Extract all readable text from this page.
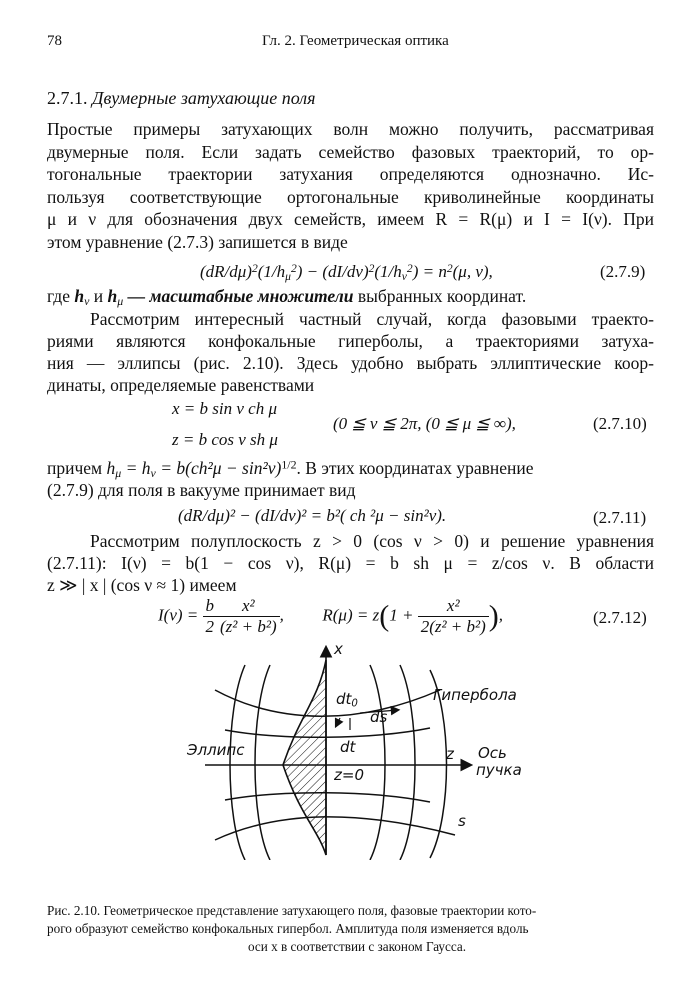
78	Гл. 2. Геометрическая оптика
2.7.1. Двумерные затухающие поля
Простые примеры затухающих волн можно получить, рассматривая
двумерные поля. Если задать семейство фазовых траекторий, то ор-
тогональные траектории затухания определяются однозначно. Ис-
пользуя соответствующие ортогональные криволинейные координаты
μ и ν для обозначения двух семейств, имеем R = R(μ) и I = I(ν). При
этом уравнение (2.7.3) запишется в виде
$(dR/d\mu)^2(1/h_\mu^2) - (dI/d\nu)^2(1/h_\nu^2) = n^2(\mu$, ν),	(2.7.9)
где $h_\nu$ и $h_\mu$ — масштабные множители выбранных координат.
Рассмотрим интересный частный случай, когда фазовыми траекто-
риями являются конфокальные гиперболы, а траекториями затуха-
ния — эллипсы (рис. 2.10). Здесь удобно выбрать эллиптические коор-
динаты, определяемые равенствами
x = b sin ν ch μ
z = b cos ν sh μ
(0 ≦ ν ≦ 2π, (0 ≦ μ ≦ ∞),	(2.7.10)
причем $h_\mu = h_\nu = b(ch^2\mu - \sin^2\nu)^{1/2}$. В этих координатах уравнение
(2.7.9) для поля в вакууме принимает вид
(dR/dμ)² − (dI/dν)² = b²( ch ²μ − sin²ν).	(2.7.11)
Рассмотрим полуплоскость z > 0 (cos ν > 0) и решение уравнения
(2.7.11): I(ν) = b(1 − cos ν), R(μ) = b sh μ = z/cos ν. В области
z ≫ | x | (cos ν ≈ 1) имеем
$I(\nu) = \frac{b}{2} \frac{\text{x²}}{\text{(z² + b²)}}$ , $R(\mu) = z(1 + \frac{\text{x²}}{\text{2(z² + b²)}}$ ),	(2.7.12)
x
Гипербола
$dt_0$
ds
dt
Эллипс	z Ось
пучка
z=0
s
Рис. 2.10. Геометрическое представление затухающего поля, фазовые траектории кото-
рого образуют семейство конфокальных гипербол. Амплитуда поля изменяется вдоль
оси x в соответствии с законом Гаусса.
